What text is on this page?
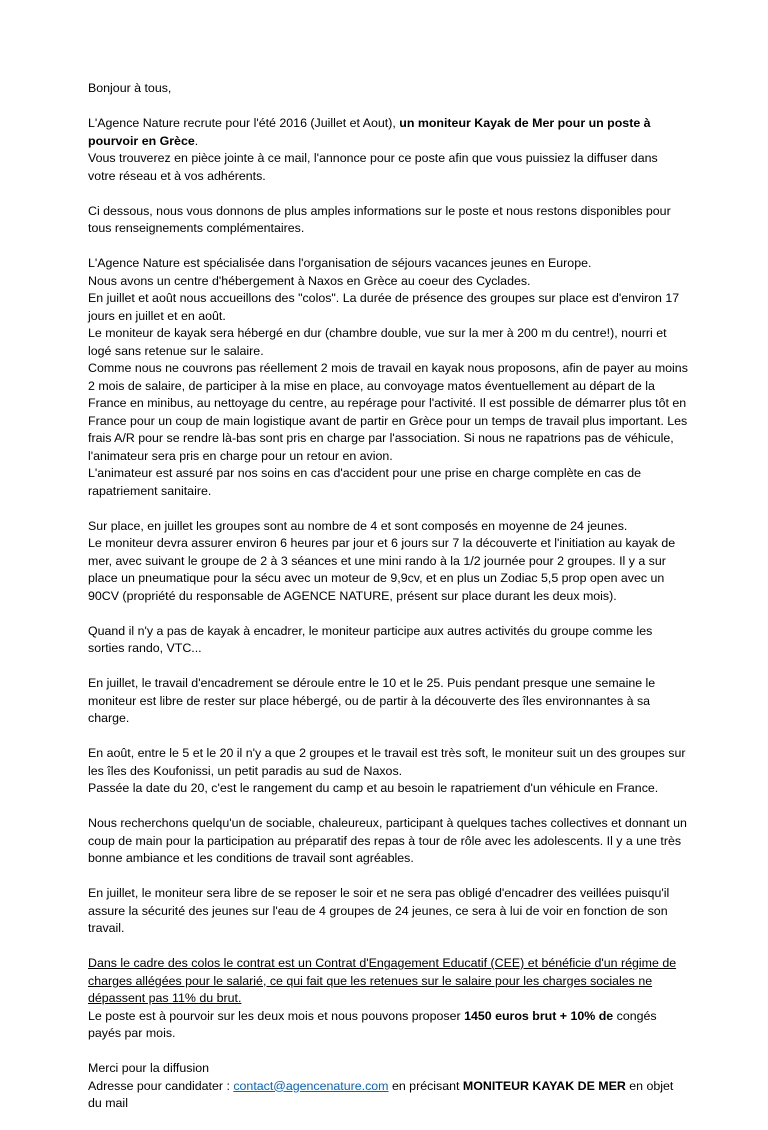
Bonjour à tous,

L'Agence Nature recrute pour l'été 2016 (Juillet et Aout), un moniteur Kayak de Mer pour un poste à pourvoir en Grèce.
Vous trouverez en pièce jointe à ce mail, l'annonce pour ce poste afin que vous puissiez la diffuser dans votre réseau et à vos adhérents.

Ci dessous, nous vous donnons de plus amples informations sur le poste et nous restons disponibles pour tous renseignements complémentaires.

L'Agence Nature est spécialisée dans l'organisation de séjours vacances jeunes en Europe.
Nous avons un centre d'hébergement à Naxos en Grèce au coeur des Cyclades.
En juillet et août nous accueillons des "colos". La durée de présence des groupes sur place est d'environ 17 jours en juillet et en août.
Le moniteur de kayak sera hébergé en dur (chambre double, vue sur la mer à 200 m du centre!), nourri et logé sans retenue sur le salaire.
Comme nous ne couvrons pas réellement 2 mois de travail en kayak nous proposons, afin de payer au moins 2 mois de salaire, de participer à la mise en place, au convoyage matos éventuellement au départ de la France en minibus, au nettoyage du centre, au repérage pour l'activité. Il est possible de démarrer plus tôt en France pour un coup de main logistique avant de partir en Grèce pour un temps de travail plus important. Les frais A/R pour se rendre là-bas sont pris en charge par l'association. Si nous ne rapatrions pas de véhicule, l'animateur sera pris en charge pour un retour en avion.
L'animateur est assuré par nos soins en cas d'accident pour une prise en charge complète en cas de rapatriement sanitaire.

Sur place, en juillet les groupes sont au nombre de 4 et sont composés en moyenne de 24 jeunes.
Le moniteur devra assurer environ 6 heures par jour et 6 jours sur 7 la découverte et l'initiation au kayak de mer, avec suivant le groupe de 2 à 3 séances et une mini rando à la 1/2 journée pour 2 groupes. Il y a sur place un pneumatique pour la sécu avec un moteur de 9,9cv, et en plus un Zodiac 5,5 prop open avec un 90CV (propriété du responsable de AGENCE NATURE, présent sur place durant les deux mois).

Quand il n'y a pas de kayak à encadrer, le moniteur participe aux autres activités du groupe comme les sorties rando, VTC...

En juillet, le travail d'encadrement se déroule entre le 10 et le 25. Puis pendant presque une semaine le moniteur est libre de rester sur place hébergé, ou de partir à la découverte des îles environnantes à sa charge.

En août, entre le 5 et le 20 il n'y a que 2 groupes et le travail est très soft, le moniteur suit un des groupes sur les îles des Koufonissi, un petit paradis au sud de Naxos.
Passée la date du 20, c'est le rangement du camp et au besoin le rapatriement d'un véhicule en France.

Nous recherchons quelqu'un de sociable, chaleureux, participant à quelques taches collectives et donnant un coup de main pour la participation au préparatif des repas à tour de rôle avec les adolescents. Il y a une très bonne ambiance et les conditions de travail sont agréables.

En juillet, le moniteur sera libre de se reposer le soir et ne sera pas obligé d'encadrer des veillées puisqu'il assure la sécurité des jeunes sur l'eau de 4 groupes de 24 jeunes, ce sera à lui de voir en fonction de son travail.

Dans le cadre des colos le contrat est un Contrat d'Engagement Educatif (CEE) et bénéficie d'un régime de charges allégées pour le salarié, ce qui fait que les retenues sur le salaire pour les charges sociales ne dépassent pas 11% du brut.
Le poste est à pourvoir sur les deux mois et nous pouvons proposer 1450 euros brut + 10% de congés payés par mois.

Merci pour la diffusion
Adresse pour candidater : contact@agencenature.com en précisant MONITEUR KAYAK DE MER en objet du mail
